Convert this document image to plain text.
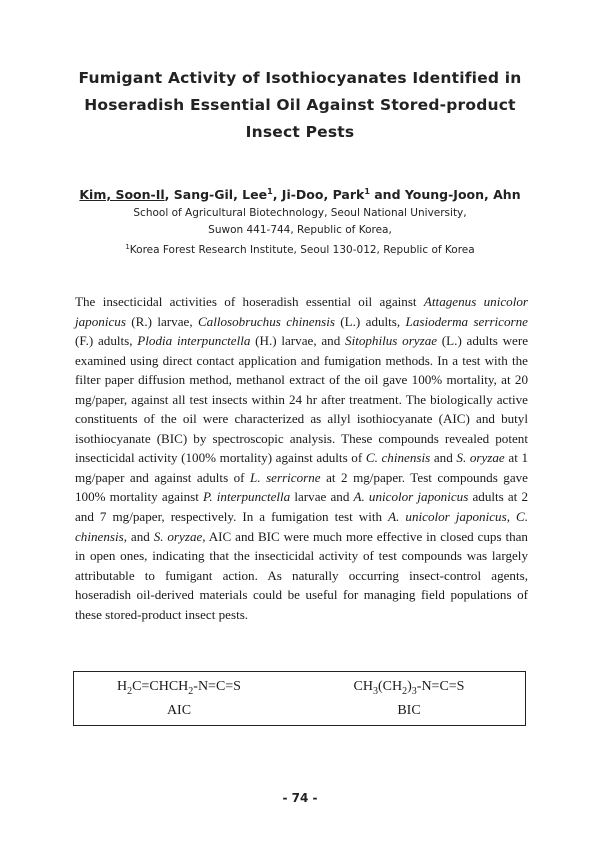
Fumigant Activity of Isothiocyanates Identified in
Hoseradish Essential Oil Against Stored-product
Insect Pests
Kim, Soon-Il, Sang-Gil, Lee$^1$, Ji-Doo, Park$^1$ and Young-Joon, Ahn
School of Agricultural Biotechnology, Seoul National University,
Suwon 441-744, Republic of Korea,
$^1$Korea Forest Research Institute, Seoul 130-012, Republic of Korea
The insecticidal activities of hoseradish essential oil against Attagenus unicolor japonicus (R.) larvae, Callosobruchus chinensis (L.) adults, Lasioderma serricorne (F.) adults, Plodia interpunctella (H.) larvae, and Sitophilus oryzae (L.) adults were examined using direct contact application and fumigation methods. In a test with the filter paper diffusion method, methanol extract of the oil gave 100% mortality, at 20 mg/paper, against all test insects within 24 hr after treatment. The biologically active constituents of the oil were characterized as allyl isothiocyanate (AIC) and butyl isothiocyanate (BIC) by spectroscopic analysis. These compounds revealed potent insecticidal activity (100% mortality) against adults of C. chinensis and S. oryzae at 1 mg/paper and against adults of L. serricorne at 2 mg/paper. Test compounds gave 100% mortality against P. interpunctella larvae and A. unicolor japonicus adults at 2 and 7 mg/paper, respectively. In a fumigation test with A. unicolor japonicus, C. chinensis, and S. oryzae, AIC and BIC were much more effective in closed cups than in open ones, indicating that the insecticidal activity of test compounds was largely attributable to fumigant action. As naturally occurring insect-control agents, hoseradish oil-derived materials could be useful for managing field populations of these stored-product insect pests.
$H_2C=CHCH_2-N=C=S$
AIC
$CH_3(CH_2)_3-N=C=S$
BIC
- 74 -
